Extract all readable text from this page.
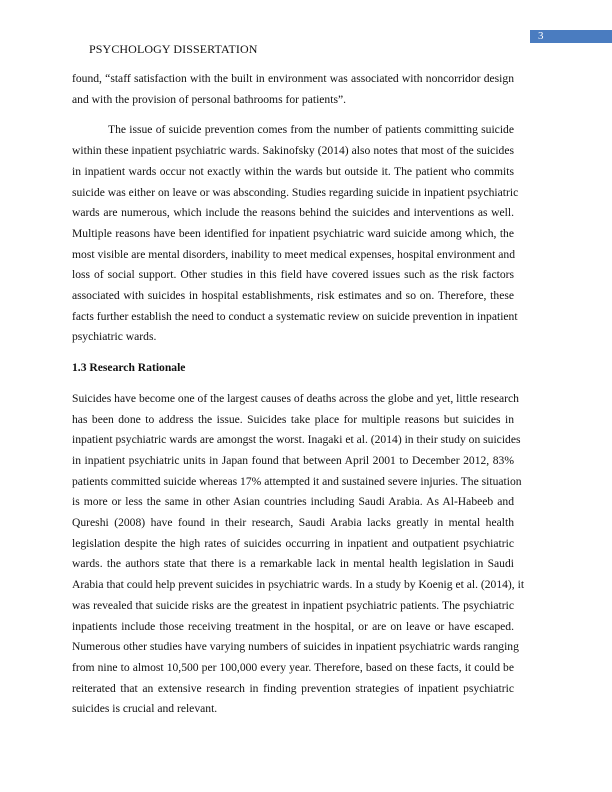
3
PSYCHOLOGY DISSERTATION
found, “staff satisfaction with the built in environment was associated with noncorridor design
and with the provision of personal bathrooms for patients”.
The issue of suicide prevention comes from the number of patients committing suicide
within these inpatient psychiatric wards. Sakinofsky (2014) also notes that most of the suicides
in inpatient wards occur not exactly within the wards but outside it. The patient who commits
suicide was either on leave or was absconding. Studies regarding suicide in inpatient psychiatric
wards are numerous, which include the reasons behind the suicides and interventions as well.
Multiple reasons have been identified for inpatient psychiatric ward suicide among which, the
most visible are mental disorders, inability to meet medical expenses, hospital environment and
loss of social support. Other studies in this field have covered issues such as the risk factors
associated with suicides in hospital establishments, risk estimates and so on. Therefore, these
facts further establish the need to conduct a systematic review on suicide prevention in inpatient
psychiatric wards.
1.3 Research Rationale
Suicides have become one of the largest causes of deaths across the globe and yet, little research
has been done to address the issue. Suicides take place for multiple reasons but suicides in
inpatient psychiatric wards are amongst the worst. Inagaki et al. (2014) in their study on suicides
in inpatient psychiatric units in Japan found that between April 2001 to December 2012, 83%
patients committed suicide whereas 17% attempted it and sustained severe injuries. The situation
is more or less the same in other Asian countries including Saudi Arabia. As Al-Habeeb and
Qureshi (2008) have found in their research, Saudi Arabia lacks greatly in mental health
legislation despite the high rates of suicides occurring in inpatient and outpatient psychiatric
wards. the authors state that there is a remarkable lack in mental health legislation in Saudi
Arabia that could help prevent suicides in psychiatric wards. In a study by Koenig et al. (2014), it
was revealed that suicide risks are the greatest in inpatient psychiatric patients. The psychiatric
inpatients include those receiving treatment in the hospital, or are on leave or have escaped.
Numerous other studies have varying numbers of suicides in inpatient psychiatric wards ranging
from nine to almost 10,500 per 100,000 every year. Therefore, based on these facts, it could be
reiterated that an extensive research in finding prevention strategies of inpatient psychiatric
suicides is crucial and relevant.
